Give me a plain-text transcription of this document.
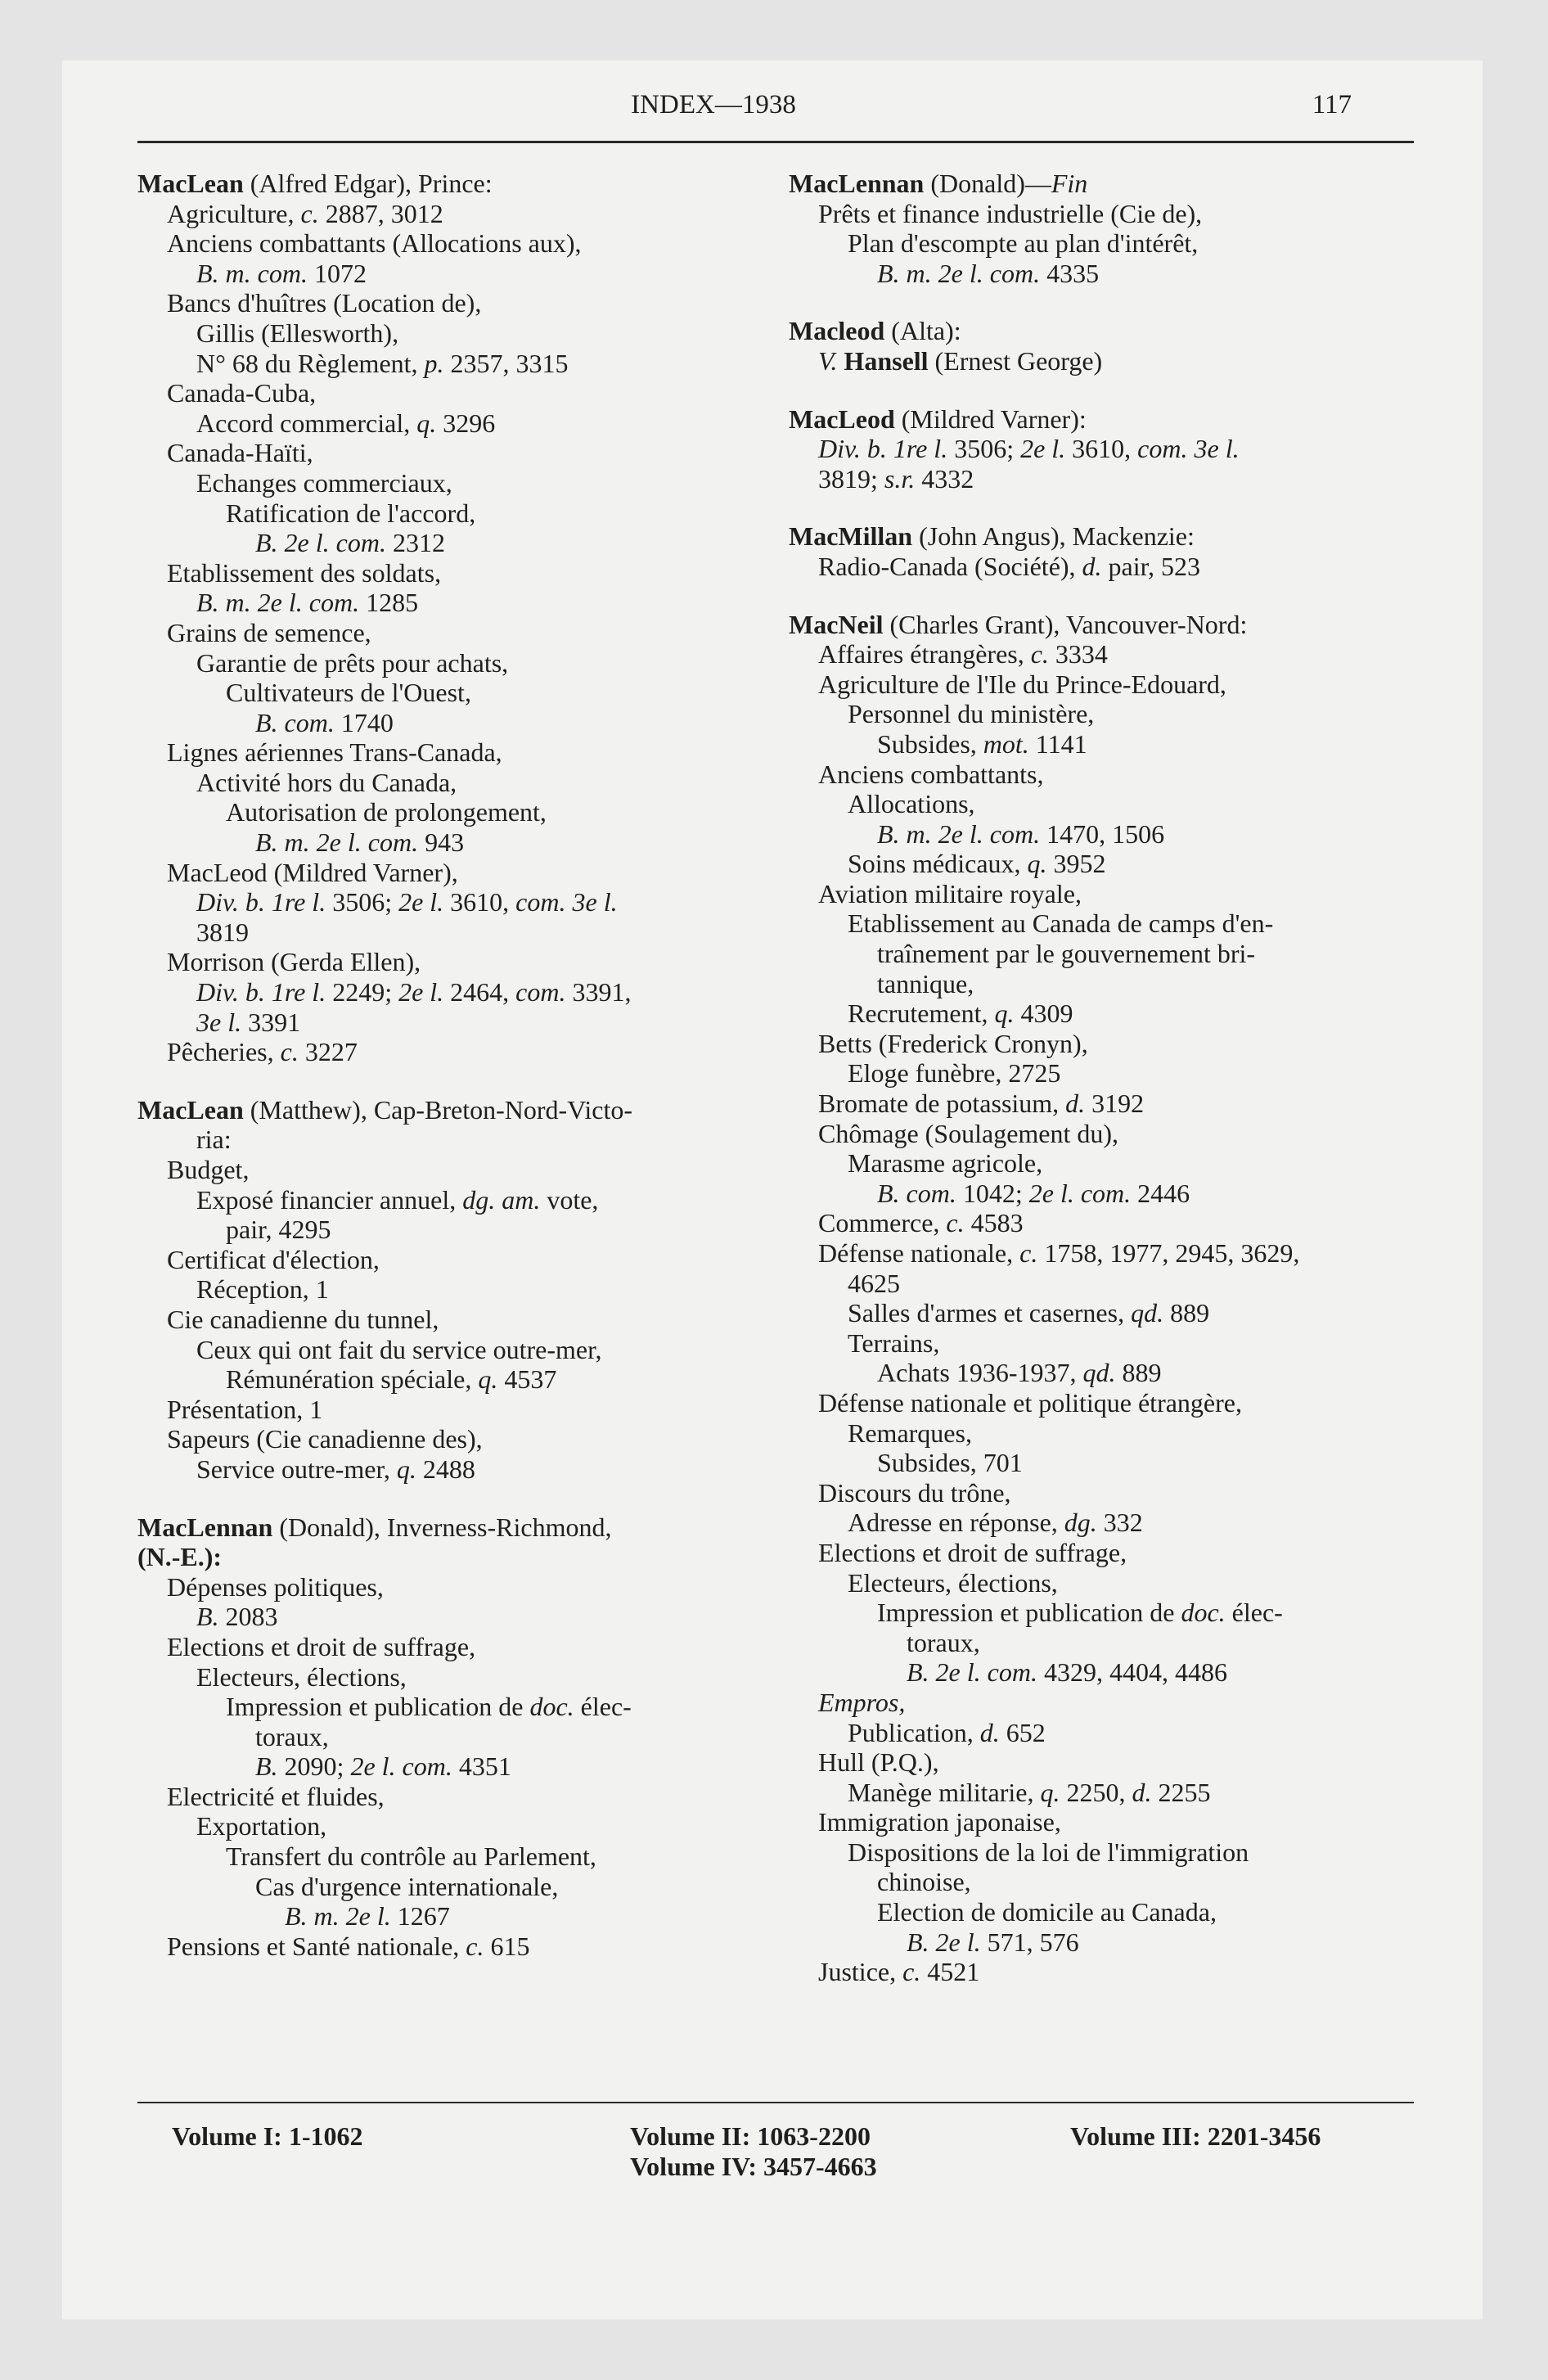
INDEX—1938	117
MacLean (Alfred Edgar), Prince:
Agriculture, c. 2887, 3012
Anciens combattants (Allocations aux),
B. m. com. 1072
Bancs d'huîtres (Location de),
Gillis (Ellesworth),
N° 68 du Règlement, p. 2357, 3315
Canada-Cuba,
Accord commercial, q. 3296
Canada-Haïti,
Echanges commerciaux,
Ratification de l'accord,
B. 2e l. com. 2312
Etablissement des soldats,
B. m. 2e l. com. 1285
Grains de semence,
Garantie de prêts pour achats,
Cultivateurs de l'Ouest,
B. com. 1740
Lignes aériennes Trans-Canada,
Activité hors du Canada,
Autorisation de prolongement,
B. m. 2e l. com. 943
MacLeod (Mildred Varner),
Div. b. 1re l. 3506; 2e l. 3610, com. 3e l.
3819
Morrison (Gerda Ellen),
Div. b. 1re l. 2249; 2e l. 2464, com. 3391,
3e l. 3391
Pêcheries, c. 3227
MacLean (Matthew), Cap-Breton-Nord-Victo-
ria:
Budget,
Exposé financier annuel, dg. am. vote,
pair, 4295
Certificat d'élection,
Réception, 1
Cie canadienne du tunnel,
Ceux qui ont fait du service outre-mer,
Rémunération spéciale, q. 4537
Présentation, 1
Sapeurs (Cie canadienne des),
Service outre-mer, q. 2488
MacLennan (Donald), Inverness-Richmond,
(N.-E.):
Dépenses politiques,
B. 2083
Elections et droit de suffrage,
Electeurs, élections,
Impression et publication de doc. élec-
toraux,
B. 2090; 2e l. com. 4351
Electricité et fluides,
Exportation,
Transfert du contrôle au Parlement,
Cas d'urgence internationale,
B. m. 2e l. 1267
Pensions et Santé nationale, c. 615
MacLennan (Donald)—Fin
Prêts et finance industrielle (Cie de),
Plan d'escompte au plan d'intérêt,
B. m. 2e l. com. 4335
Macleod (Alta):
V. Hansell (Ernest George)
MacLeod (Mildred Varner):
Div. b. 1re l. 3506; 2e l. 3610, com. 3e l.
3819; s.r. 4332
MacMillan (John Angus), Mackenzie:
Radio-Canada (Société), d. pair, 523
MacNeil (Charles Grant), Vancouver-Nord:
Affaires étrangères, c. 3334
Agriculture de l'Ile du Prince-Edouard,
Personnel du ministère,
Subsides, mot. 1141
Anciens combattants,
Allocations,
B. m. 2e l. com. 1470, 1506
Soins médicaux, q. 3952
Aviation militaire royale,
Etablissement au Canada de camps d'en-
traînement par le gouvernement bri-
tannique,
Recrutement, q. 4309
Betts (Frederick Cronyn),
Eloge funèbre, 2725
Bromate de potassium, d. 3192
Chômage (Soulagement du),
Marasme agricole,
B. com. 1042; 2e l. com. 2446
Commerce, c. 4583
Défense nationale, c. 1758, 1977, 2945, 3629,
4625
Salles d'armes et casernes, qd. 889
Terrains,
Achats 1936-1937, qd. 889
Défense nationale et politique étrangère,
Remarques,
Subsides, 701
Discours du trône,
Adresse en réponse, dg. 332
Elections et droit de suffrage,
Electeurs, élections,
Impression et publication de doc. élec-
toraux,
B. 2e l. com. 4329, 4404, 4486
Empros,
Publication, d. 652
Hull (P.Q.),
Manège militarie, q. 2250, d. 2255
Immigration japonaise,
Dispositions de la loi de l'immigration
chinoise,
Election de domicile au Canada,
B. 2e l. 571, 576
Justice, c. 4521
Volume I: 1-1062	Volume II: 1063-2200
Volume IV: 3457-4663
Volume III: 2201-3456
